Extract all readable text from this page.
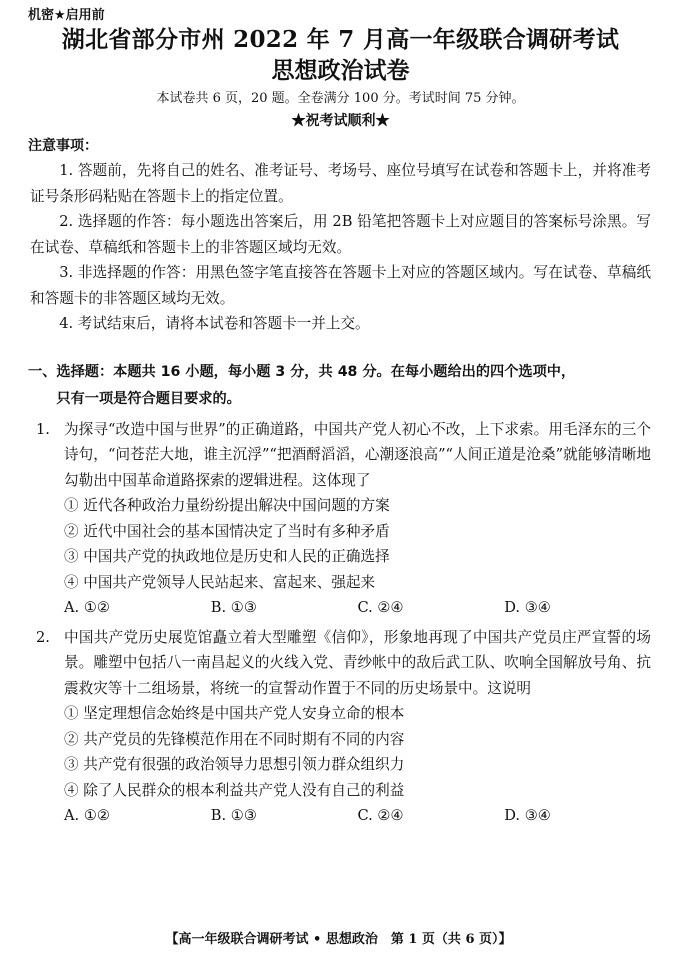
机密★启用前
湖北省部分市州 2022 年 7 月高一年级联合调研考试
思想政治试卷
本试卷共 6 页，20 题。全卷满分 100 分。考试时间 75 分钟。
★祝考试顺利★
注意事项：

1. 答题前，先将自己的姓名、准考证号、考场号、座位号填写在试卷和答题卡上，并将准考证号条形码粘贴在答题卡上的指定位置。

2. 选择题的作答：每小题选出答案后，用 2B 铅笔把答题卡上对应题目的答案标号涂黑。写在试卷、草稿纸和答题卡上的非答题区域均无效。

3. 非选择题的作答：用黑色签字笔直接答在答题卡上对应的答题区域内。写在试卷、草稿纸和答题卡的非答题区域均无效。

4. 考试结束后，请将本试卷和答题卡一并上交。

一、选择题：本题共 16 小题，每小题 3 分，共 48 分。在每小题给出的四个选项中，
只有一项是符合题目要求的。
1. 为探寻“改造中国与世界”的正确道路，中国共产党人初心不改，上下求索。用毛泽东的三个诗句，“问苍茫大地，谁主沉浮”“把酒酹滔滔，心潮逐浪高”“人间正道是沧桑”就能够清晰地勾勒出中国革命道路探索的逻辑进程。这体现了
① 近代各种政治力量纷纷提出解决中国问题的方案
② 近代中国社会的基本国情决定了当时有多种矛盾
③ 中国共产党的执政地位是历史和人民的正确选择
④ 中国共产党领导人民站起来、富起来、强起来
A. ①②	B. ①③	C. ②④	D. ③④
2. 中国共产党历史展览馆矗立着大型雕塑《信仰》，形象地再现了中国共产党员庄严宣誓的场景。雕塑中包括八一南昌起义的火线入党、青纱帐中的敌后武工队、吹响全国解放号角、抗震救灾等十二组场景，将统一的宣誓动作置于不同的历史场景中。这说明
① 坚定理想信念始终是中国共产党人安身立命的根本
② 共产党员的先锋模范作用在不同时期有不同的内容
③ 共产党有很强的政治领导力思想引领力群众组织力
④ 除了人民群众的根本利益共产党人没有自己的利益
A. ①②	B. ①③	C. ②④	D. ③④
【高一年级联合调研考试 • 思想政治　第 1 页（共 6 页）】
